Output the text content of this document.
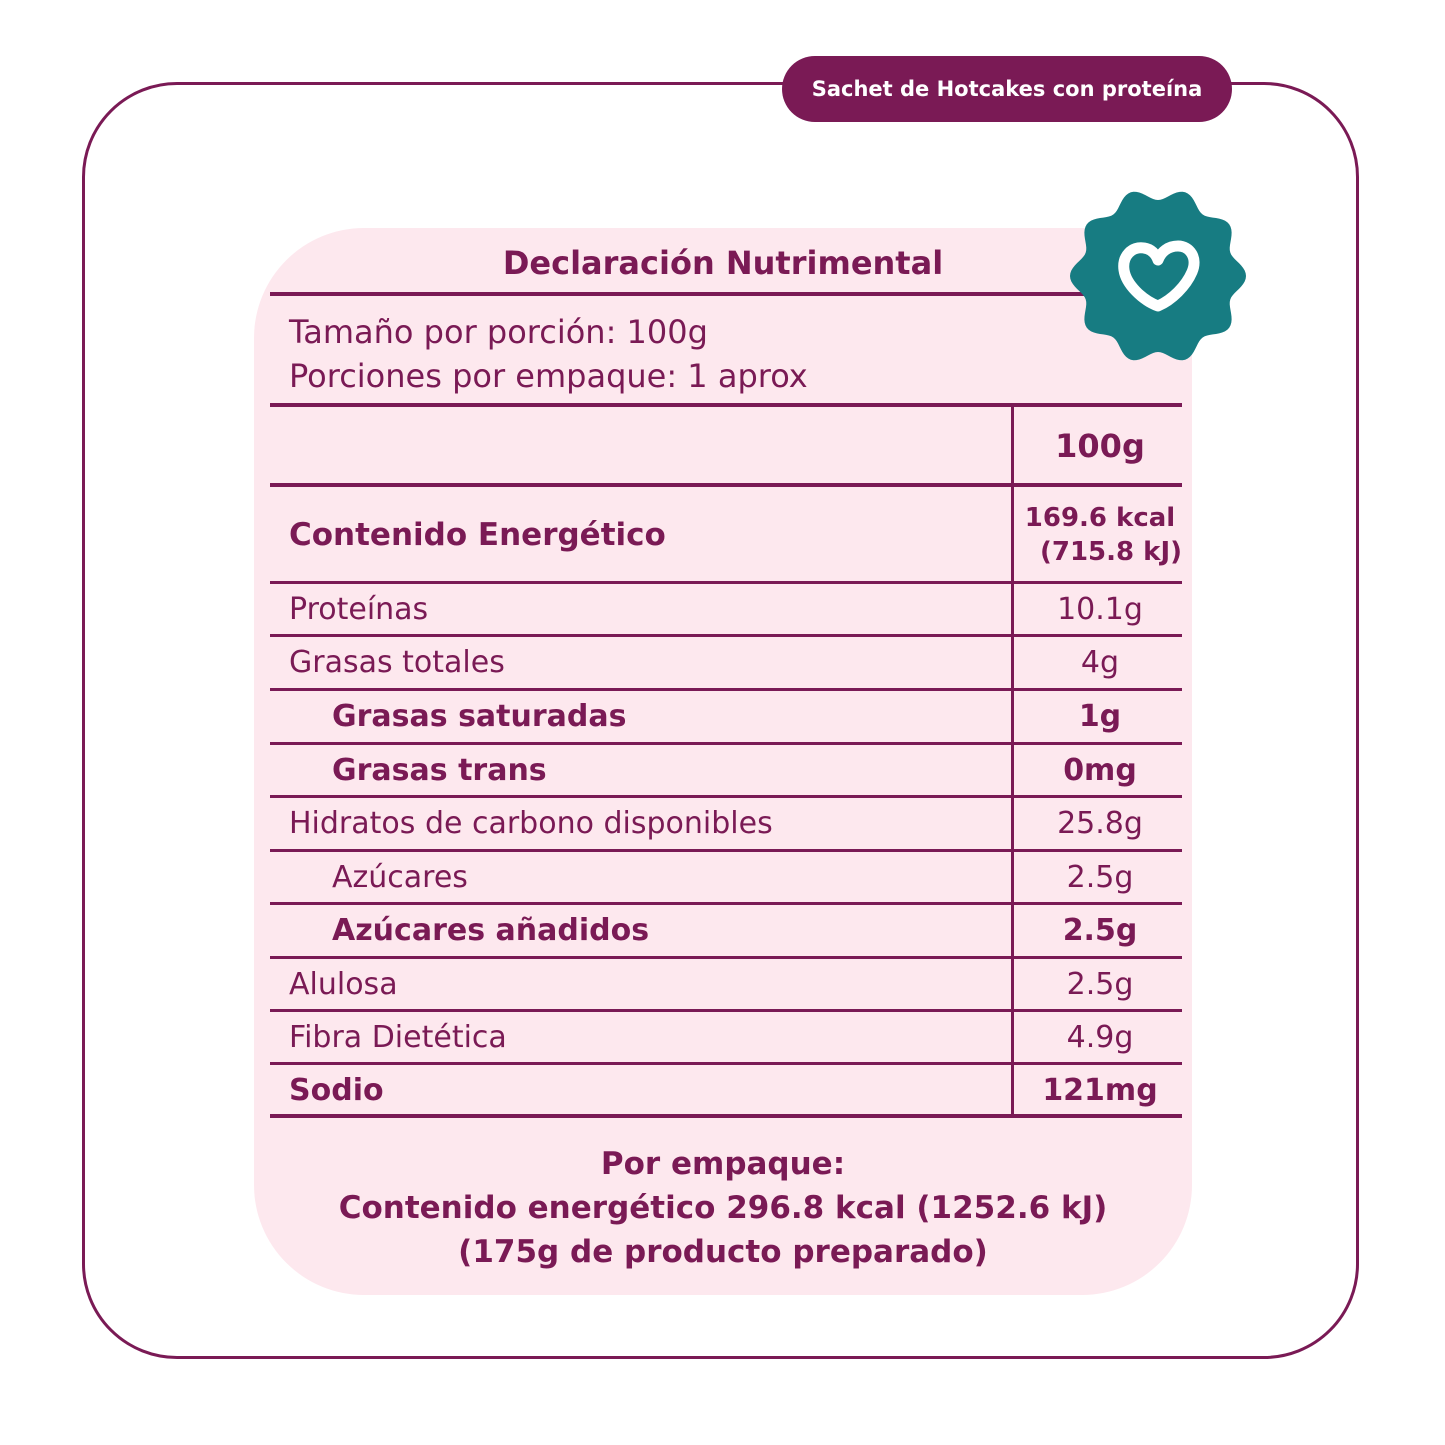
Sachet de Hotcakes con proteína
Declaración Nutrimental
Tamaño por porción: 100g
Porciones por empaque: 1 aprox
100g
Contenido Energético	169.6 kcal
(715.8 kJ)
Proteínas	10.1g
Grasas totales	4g
Grasas saturadas	1g
Grasas trans	0mg
Hidratos de carbono disponibles	25.8g
Azúcares	2.5g
Azúcares añadidos	2.5g
Alulosa	2.5g
Fibra Dietética	4.9g
Sodio	121mg
Por empaque:
Contenido energético 296.8 kcal (1252.6 kJ)
(175g de producto preparado)
